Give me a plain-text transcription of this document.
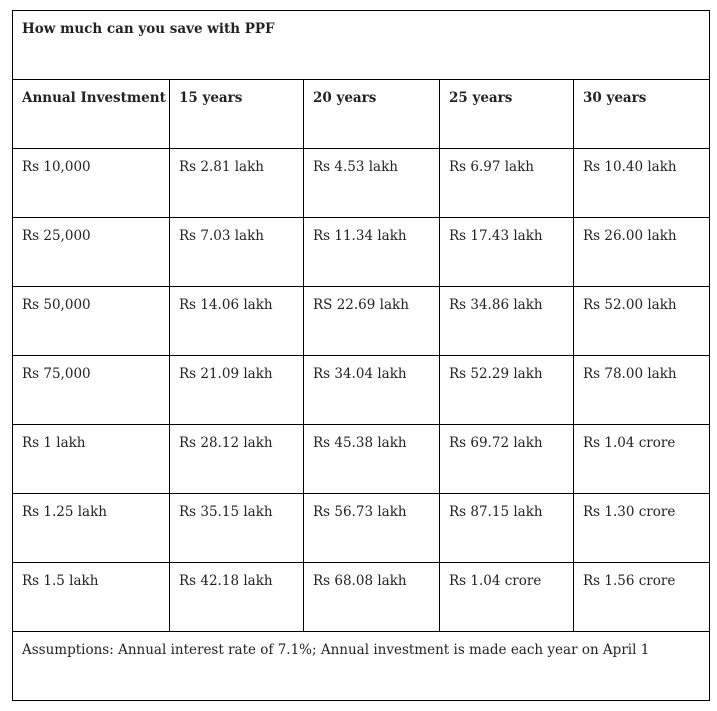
How much can you save with PPF				
Annual Investment	15 years	20 years	25 years	30 years
Rs 10,000	Rs 2.81 lakh	Rs 4.53 lakh	Rs 6.97 lakh	Rs 10.40 lakh
Rs 25,000	Rs 7.03 lakh	Rs 11.34 lakh	Rs 17.43 lakh	Rs 26.00 lakh
Rs 50,000	Rs 14.06 lakh	RS 22.69 lakh	Rs 34.86 lakh	Rs 52.00 lakh
Rs 75,000	Rs 21.09 lakh	Rs 34.04 lakh	Rs 52.29 lakh	Rs 78.00 lakh
Rs 1 lakh	Rs 28.12 lakh	Rs 45.38 lakh	Rs 69.72 lakh	Rs 1.04 crore
Rs 1.25 lakh	Rs 35.15 lakh	Rs 56.73 lakh	Rs 87.15 lakh	Rs 1.30 crore
Rs 1.5 lakh	Rs 42.18 lakh	Rs 68.08 lakh	Rs 1.04 crore	Rs 1.56 crore
Assumptions: Annual interest rate of 7.1%; Annual investment is made each year on April 1				
